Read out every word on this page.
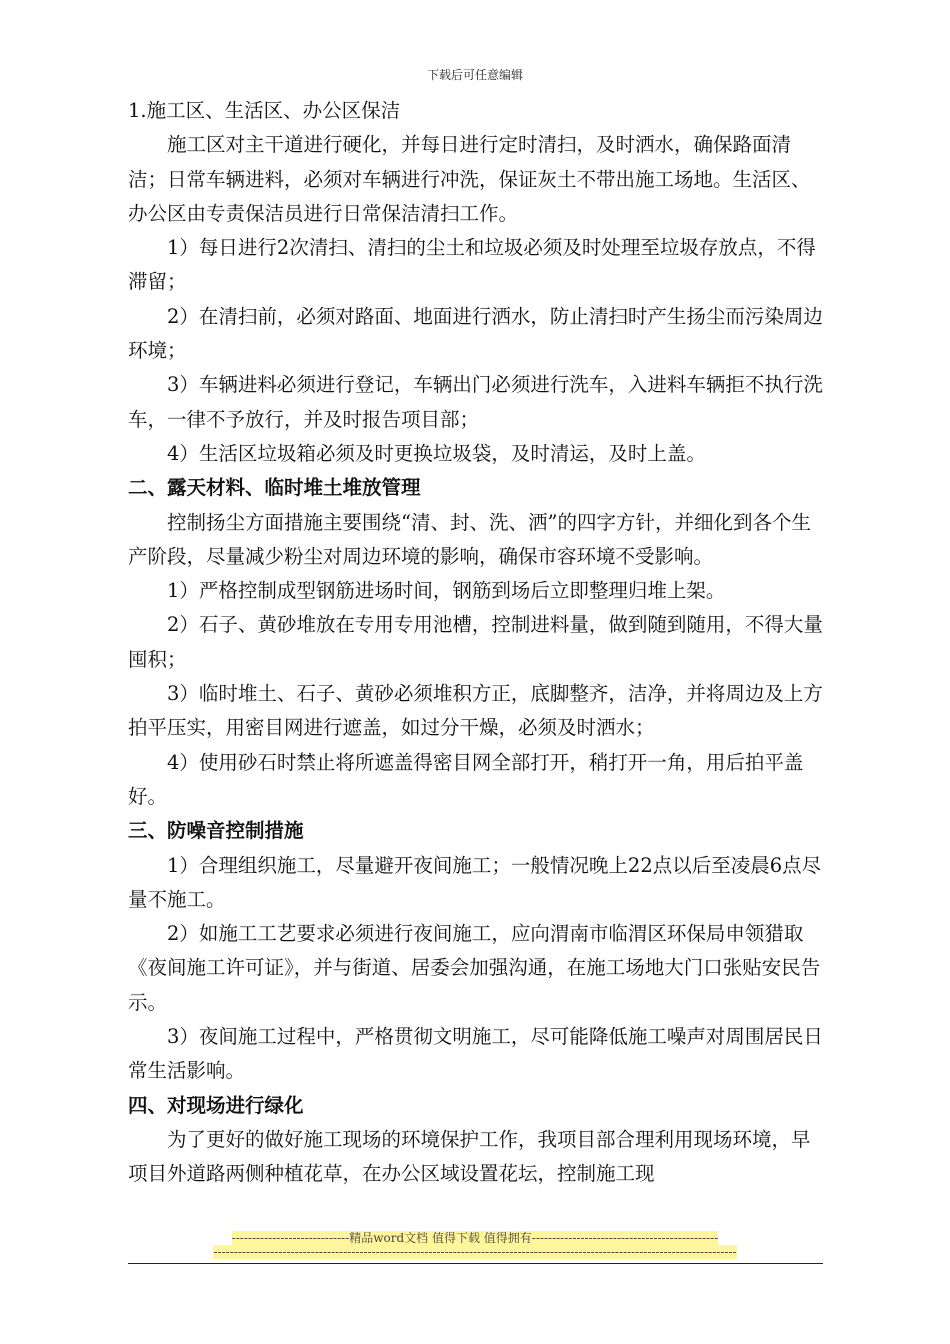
下载后可任意编辑

1.施工区、生活区、办公区保洁

施工区对主干道进行硬化，并每日进行定时清扫，及时洒水，确保路面清洁；日常车辆进料，必须对车辆进行冲洗，保证灰土不带出施工场地。生活区、办公区由专责保洁员进行日常保洁清扫工作。

1）每日进行2次清扫、清扫的尘土和垃圾必须及时处理至垃圾存放点，不得滞留；

2）在清扫前，必须对路面、地面进行洒水，防止清扫时产生扬尘而污染周边环境；

3）车辆进料必须进行登记，车辆出门必须进行洗车，入进料车辆拒不执行洗车，一律不予放行，并及时报告项目部；

4）生活区垃圾箱必须及时更换垃圾袋，及时清运，及时上盖。

二、露天材料、临时堆土堆放管理

控制扬尘方面措施主要围绕“清、封、洗、洒”的四字方针，并细化到各个生产阶段，尽量减少粉尘对周边环境的影响，确保市容环境不受影响。

1）严格控制成型钢筋进场时间，钢筋到场后立即整理归堆上架。

2）石子、黄砂堆放在专用专用池槽，控制进料量，做到随到随用，不得大量囤积；

3）临时堆土、石子、黄砂必须堆积方正，底脚整齐，洁净，并将周边及上方拍平压实，用密目网进行遮盖，如过分干燥，必须及时洒水；

4）使用砂石时禁止将所遮盖得密目网全部打开，稍打开一角，用后拍平盖好。

三、防噪音控制措施

1）合理组织施工，尽量避开夜间施工；一般情况晚上22点以后至凌晨6点尽量不施工。

2）如施工工艺要求必须进行夜间施工，应向渭南市临渭区环保局申领猎取《夜间施工许可证》，并与街道、居委会加强沟通，在施工场地大门口张贴安民告示。

3）夜间施工过程中，严格贯彻文明施工，尽可能降低施工噪声对周围居民日常生活影响。

四、对现场进行绿化

为了更好的做好施工现场的环境保护工作，我项目部合理利用现场环境，早项目外道路两侧种植花草，在办公区域设置花坛，控制施工现

-----------------------------精品word文档 值得下载 值得拥有----------------------------------------------
---------------------------------------------------------------------------------------------------------------------------------
